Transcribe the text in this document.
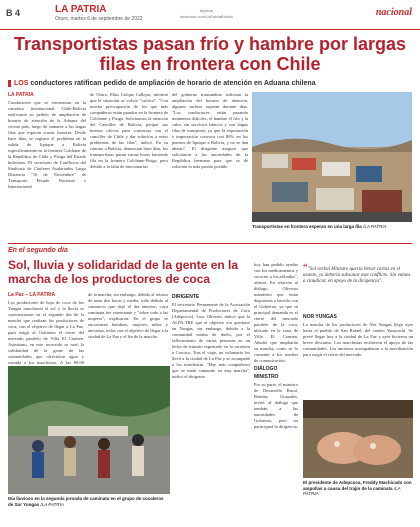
B 4	LA PATRIA
Oruro, martes 6 de septiembre de 2022
lapatria
facebook.com/LaPatriaBolivia	nacional
Transportistas pasan frío y hambre por largas filas en frontera con Chile
LOS conductores ratifican pedido de ampliación de horario de atención en Aduana chilena
LA PATRIA
Conductores que se encuentran en la carretera internacional Chile-Bolivia ratificaron su pedido de ampliación de horario de atención de la Aduana del vecino país, luego de sumarse a las largas filas que esperan cruzar frontera. Desde hace días, se registra el problema en la salida de Iquique a Bolivia específicamente en la frontera Colchane de la República de Chile y Pisiga del Estado boliviano. El secretario de Conflictos del Sindicato de Choferes Asalariados Largo Distancia "16 de Noviembre" de Transporte Pesado Nacional e Internacional
de Oruro, Elías Colque Callejas, informó que la situación se volvió "caótica". "Con mucha preocupación de los que más compañeros están parados en la frontera de Colchane y Pisiga. Solicitamos la atención del Canciller de Bolivia, porque sus buenos oficios para conversar con el canciller de Chile y dar solución a estos problemas de las filas", indicó. En su camino a Bolivia, denuncian hace días, los transportistas pasan varias horas haciendo fila en la frontera Colchane-Pisiga, pero debido a la falta de funcionarios
del gobierno transandino solicitan la ampliación del horario de atención, algunos incluso esperan durante días. "Los conductores están pasando momentos difíciles, el hambre el frío y la calor, sin servicios básicos y con largas filas de transporte, ya que la exportación e importación convoca con 80% en los puertos de Iquique a Bolivia, y no se dan abasto". El dirigente aseguró que solicitaron a las autoridades de la República hermana para que se dé solución lo más pronto posible.
Transportistas en frontera esperan en una larga fila /LA PATRIA
En el segundo día
Sol, lluvia y solidaridad de la gente en la marcha de los productores de coca
La Paz – LA PATRIA
Los productores de hoja de coca de los Yungas marcharon el sol y la lluvia se caracterizaron en el segundo día de la marcha que realizan los productores de coca, con el objetivo de llegar a La Paz, para exigir al Gobierno el cierre del mercado paralelo de Villa El Carmen. Asimismo, en este recorrido se notó la solidaridad de la gente de las comunidades que ofrecieron agua y comida a los marchistas. A las 09:00
de la marcha, sin embargo, debido al retraso de unas dos horas y media, todo debido al cansancio que dejó el día anterior, cuya caminata fue extenuante y "sobre todo a las mujeres", explicaron. En el grupo se encuentran hombres, mujeres, niños y ancianos, todos con el objetivo de llegar a la ciudad de La Paz y el fin de la marcha.
DIRIGENTE
El secretario Permanente de la Asociación Departamental de Productores de Coca (Adepcoca), Luis Oliveros indicó que la ALPA-TRE que el objetivo era quedarse en Yungas, sin embargo, debido a la comunidad estaba de duelo, por el fallecimiento de varias personas en un lecho de tránsito registrado en la carretera a Coroico. Tras el viaje, un voluntario les llevó a la ciudad de La Paz y se acompañó a los marchistas. "Hay más compañeros que se están sumando en esta marcha", indicó el dirigente.
hoy han pedido ayudar con los medicamentos y socorrer a los afiliados", afirmó. En relación al diálogo, Oliveros manifestó que están dispuestos a hacerlo con el Gobierno, ya que su principal demanda es el cierre del mercado paralelo de la coca, ubicado en la zona de Villa El Carmen. Añadió que ampliarán su marcha, como se lo comentó a los medios de comunicación.
DIÁLOGO
MINISTRO
Por su parte, el ministro de Desarrollo Rural, Remmy Gonzales, invitó al diálogo que tendrán a las autoridades de Gobierno, pero no participará la dirigencia.
“"Sol verbal Ministro quería llevar cartas en el asunto, ya debería subsanar este conflicto. Sin vamos a claudicar, en apoyo de la dirigencia".
NOR YUNGAS
La marcha de los productores de Nor Yungas llegó ayer hasta el pueblo de San Rafael, del cantón Yanacachi. Se prevé llegar hoy a la ciudad de La Paz y ayer hicieron un breve descanso. Los marchistas recibieron el apoyo de las comunidades. Los ancianos acompañaron a la movilización para exigir el cierre del mercado.
Día lluvioso en la segunda jornada de caminata en el grupo de cocaleros de Sur Yungas /LA PATRIA
El presidente de Adepcoca, Freddy Machicado con ampollas a causa del trajín de la caminata /LA PATRIA
